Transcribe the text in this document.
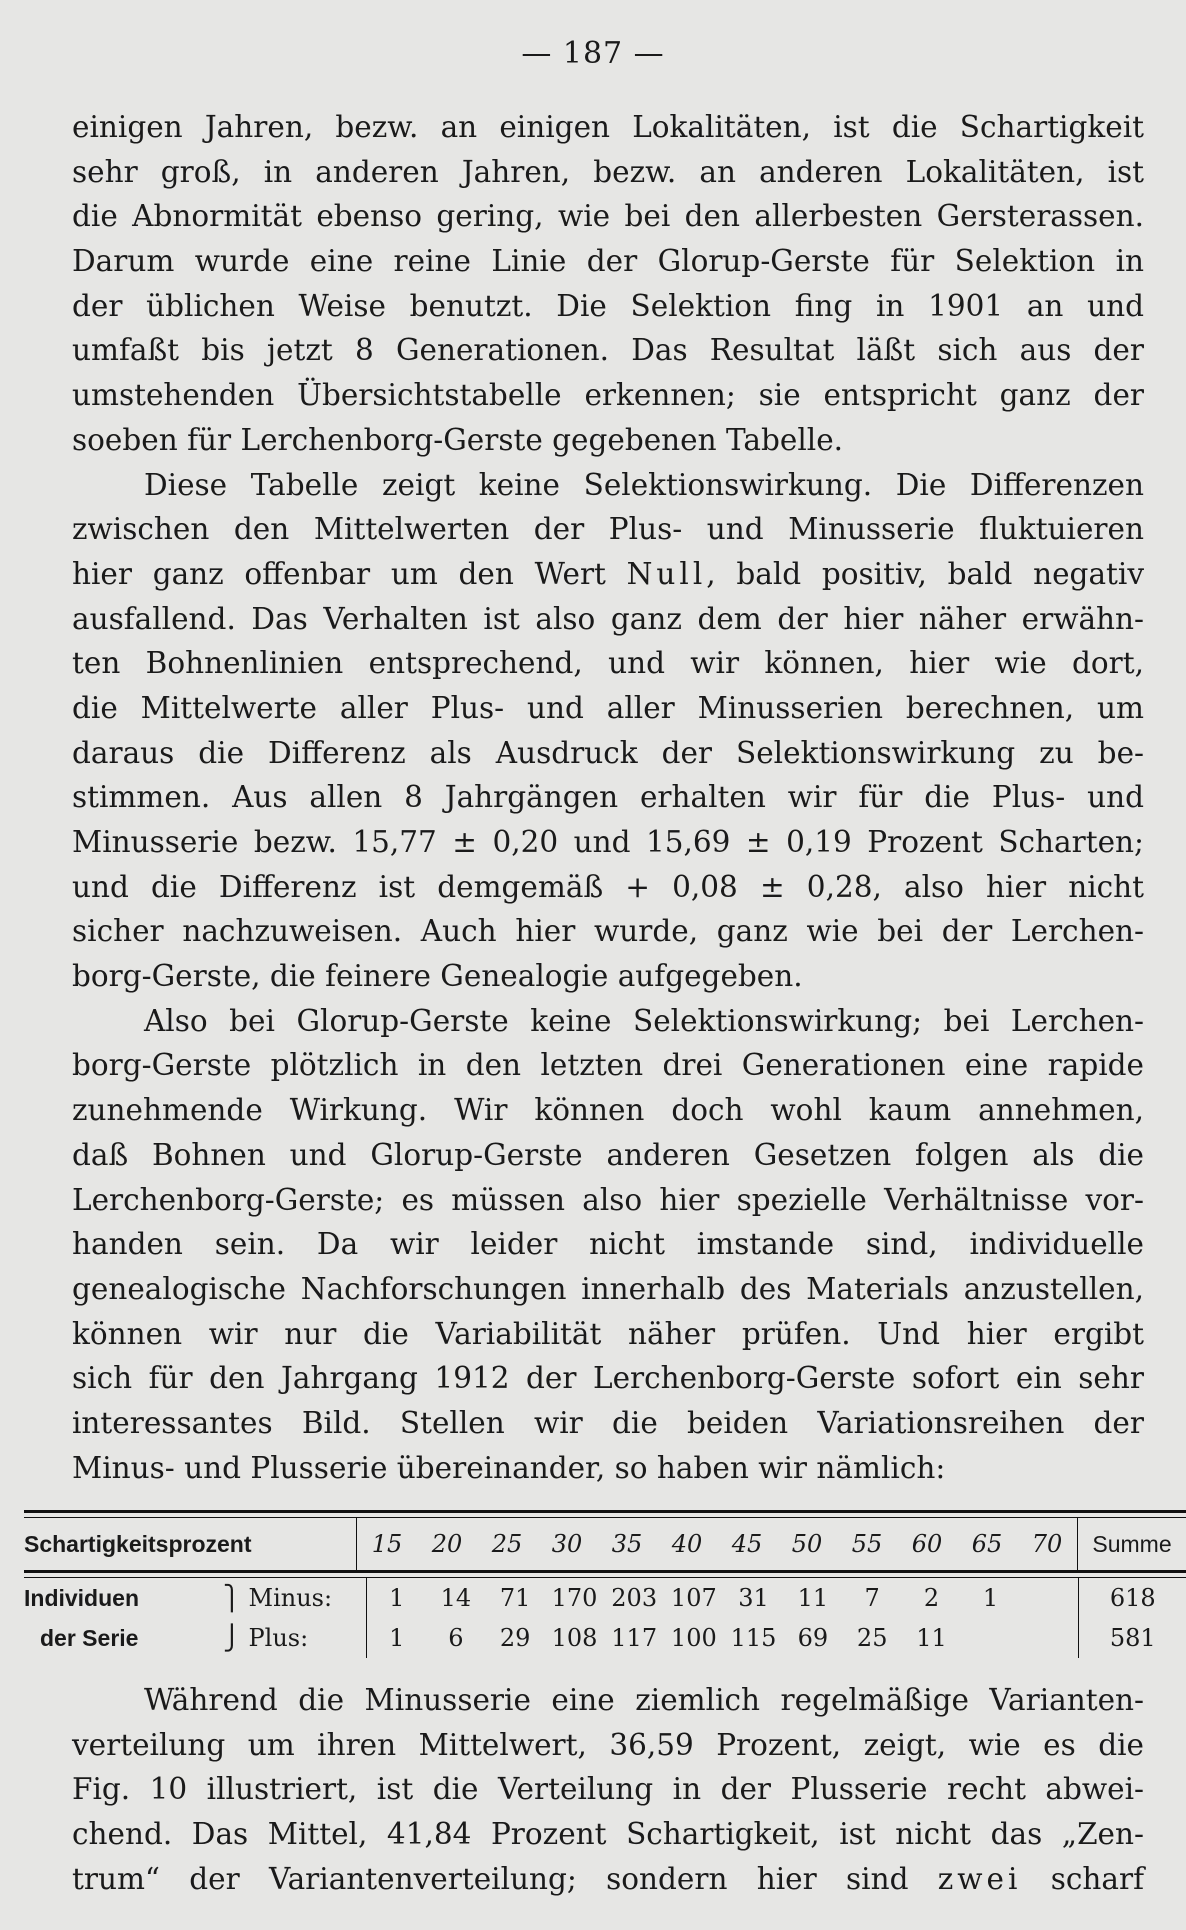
— 187 —
einigen Jahren, bezw. an einigen Lokalitäten, ist die Schartigkeit
sehr groß, in anderen Jahren, bezw. an anderen Lokalitäten, ist
die Abnormität ebenso gering, wie bei den allerbesten Gersterassen.
Darum wurde eine reine Linie der Glorup-Gerste für Selektion in
der üblichen Weise benutzt. Die Selektion fing in 1901 an und
umfaßt bis jetzt 8 Generationen. Das Resultat läßt sich aus der
umstehenden Übersichtstabelle erkennen; sie entspricht ganz der
soeben für Lerchenborg-Gerste gegebenen Tabelle.
Diese Tabelle zeigt keine Selektionswirkung. Die Differenzen
zwischen den Mittelwerten der Plus- und Minusserie fluktuieren
hier ganz offenbar um den Wert Null, bald positiv, bald negativ
ausfallend. Das Verhalten ist also ganz dem der hier näher erwähn-
ten Bohnenlinien entsprechend, und wir können, hier wie dort,
die Mittelwerte aller Plus- und aller Minusserien berechnen, um
daraus die Differenz als Ausdruck der Selektionswirkung zu be-
stimmen. Aus allen 8 Jahrgängen erhalten wir für die Plus- und
Minusserie bezw. 15,77 ± 0,20 und 15,69 ± 0,19 Prozent Scharten;
und die Differenz ist demgemäß + 0,08 ± 0,28, also hier nicht
sicher nachzuweisen. Auch hier wurde, ganz wie bei der Lerchen-
borg-Gerste, die feinere Genealogie aufgegeben.
Also bei Glorup-Gerste keine Selektionswirkung; bei Lerchen-
borg-Gerste plötzlich in den letzten drei Generationen eine rapide
zunehmende Wirkung. Wir können doch wohl kaum annehmen,
daß Bohnen und Glorup-Gerste anderen Gesetzen folgen als die
Lerchenborg-Gerste; es müssen also hier spezielle Verhältnisse vor-
handen sein. Da wir leider nicht imstande sind, individuelle
genealogische Nachforschungen innerhalb des Materials anzustellen,
können wir nur die Variabilität näher prüfen. Und hier ergibt
sich für den Jahrgang 1912 der Lerchenborg-Gerste sofort ein sehr
interessantes Bild. Stellen wir die beiden Variationsreihen der
Minus- und Plusserie übereinander, so haben wir nämlich:
Schartigkeitsprozent	15	20	25	30	35	40	45	50	55	60	65	70	Summe
Individuen	⎫ Minus:	1	14	71	170	203	107	31	11	7	2	1		618
der Serie	⎭ Plus:	1	6	29	108	117	100	115	69	25	11			581
Während die Minusserie eine ziemlich regelmäßige Varianten-
verteilung um ihren Mittelwert, 36,59 Prozent, zeigt, wie es die
Fig. 10 illustriert, ist die Verteilung in der Plusserie recht abwei-
chend. Das Mittel, 41,84 Prozent Schartigkeit, ist nicht das „Zen-
trum“ der Variantenverteilung; sondern hier sind zwei scharf
